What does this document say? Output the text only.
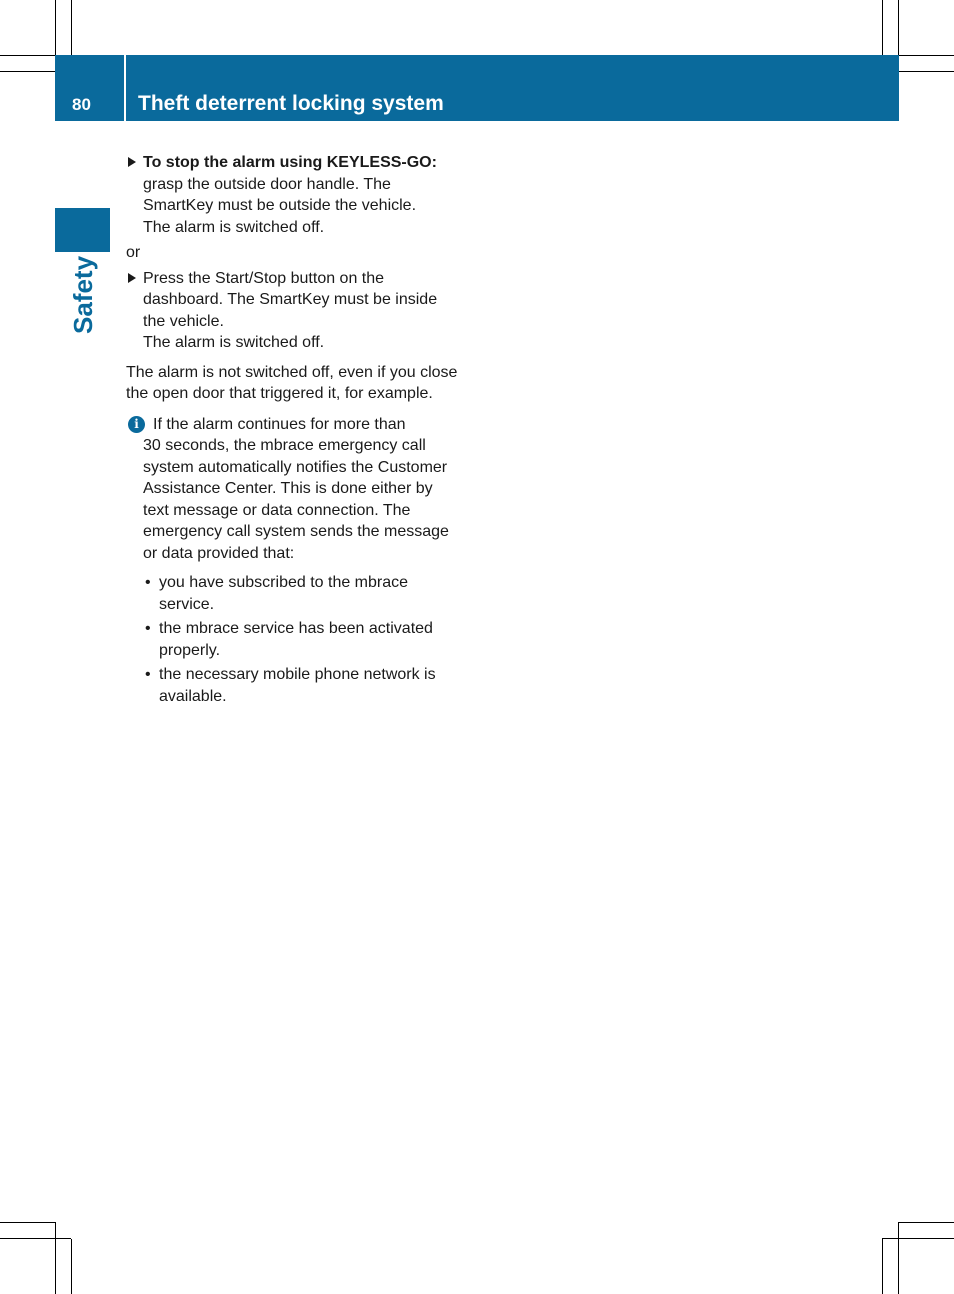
80	Theft deterrent locking system
Safety
To stop the alarm using KEYLESS-GO:
grasp the outside door handle. The SmartKey must be outside the vehicle.
The alarm is switched off.
or
Press the Start/Stop button on the dashboard. The SmartKey must be inside the vehicle.
The alarm is switched off.
The alarm is not switched off, even if you close the open door that triggered it, for example.
i If the alarm continues for more than
30 seconds, the mbrace emergency call system automatically notifies the Customer Assistance Center. This is done either by text message or data connection. The emergency call system sends the message or data provided that:
• you have subscribed to the mbrace service.
• the mbrace service has been activated properly.
• the necessary mobile phone network is available.
